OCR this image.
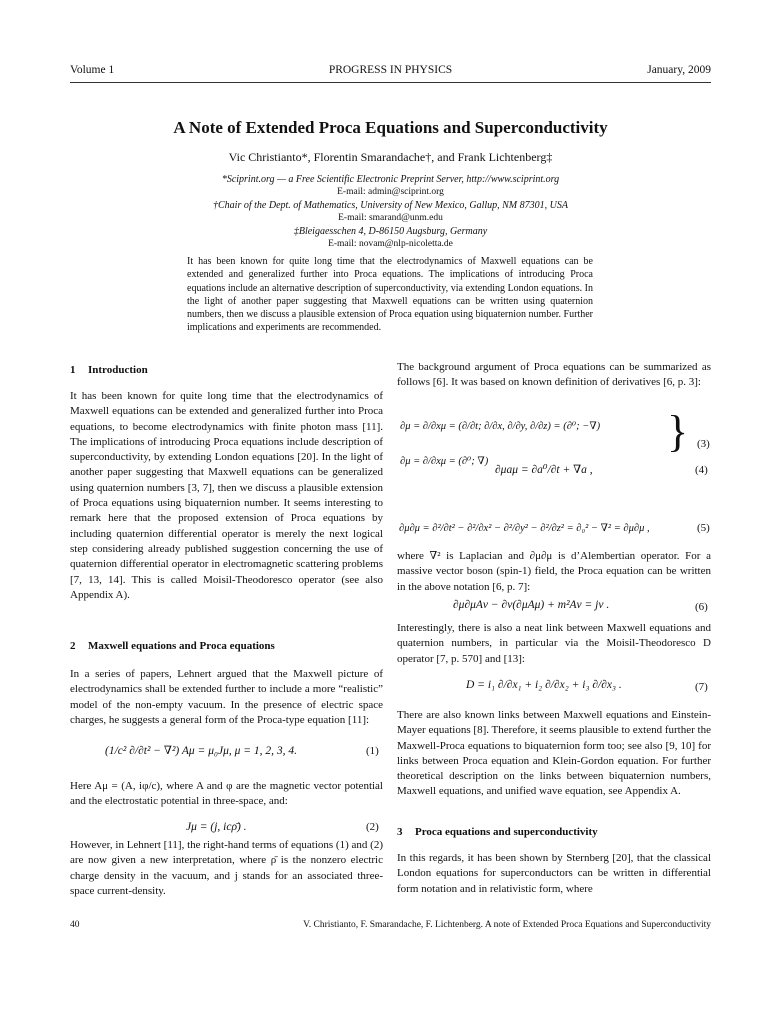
Volume 1	PROGRESS IN PHYSICS	January, 2009
A Note of Extended Proca Equations and Superconductivity
Vic Christianto*, Florentin Smarandache†, and Frank Lichtenberg‡
*Sciprint.org — a Free Scientific Electronic Preprint Server, http://www.sciprint.org
E-mail: admin@sciprint.org
†Chair of the Dept. of Mathematics, University of New Mexico, Gallup, NM 87301, USA
E-mail: smarand@unm.edu
‡Bleigaesschen 4, D-86150 Augsburg, Germany
E-mail: novam@nlp-nicoletta.de
It has been known for quite long time that the electrodynamics of Maxwell equations can be extended and generalized further into Proca equations. The implications of introducing Proca equations include an alternative description of superconductivity, via extending London equations. In the light of another paper suggesting that Maxwell equations can be written using quaternion numbers, then we discuss a plausible extension of Proca equation using biquaternion number. Further implications and experiments are recommended.
1 Introduction
It has been known for quite long time that the electrodynamics of Maxwell equations can be extended and generalized further into Proca equations, to become electrodynamics with finite photon mass [11]. The implications of introducing Proca equations include description of superconductivity, by extending London equations [20]. In the light of another paper suggesting that Maxwell equations can be generalized using quaternion numbers [3, 7], then we discuss a plausible extension of Proca equations using biquaternion number. It seems interesting to remark here that the proposed extension of Proca equations by including quaternion differential operator is merely the next logical step considering already published suggestion concerning the use of quaternion differential operator in electromagnetic scattering problems [7, 13, 14]. This is called Moisil-Theodoresco operator (see also Appendix A).
2 Maxwell equations and Proca equations
In a series of papers, Lehnert argued that the Maxwell picture of electrodynamics shall be extended further to include a more “realistic” model of the non-empty vacuum. In the presence of electric space charges, he suggests a general form of the Proca-type equation [11]:
(1/c² ∂/∂t² − ∇²) Aμ = μ₀Jμ, μ = 1, 2, 3, 4.	(1)
Here Aμ = (A, iφ/c), where A and φ are the magnetic vector potential and the electrostatic potential in three-space, and:
Jμ = (j, icρ̄) .	(2)
However, in Lehnert [11], the right-hand terms of equations (1) and (2) are now given a new interpretation, where ρ̄ is the nonzero electric charge density in the vacuum, and j stands for an associated three-space current-density.
The background argument of Proca equations can be summarized as follows [6]. It was based on known definition of derivatives [6, p. 3]:
∂μ = ∂/∂xμ = (∂/∂t; ∂/∂x, ∂/∂y, ∂/∂z) = (∂⁰; −∇)
∂μ = ∂/∂xμ = (∂⁰; ∇)
} (3)
∂μaμ = ∂a⁰/∂t + ∇a ,	(4)
∂μ∂μ = ∂²/∂t² − ∂²/∂x² − ∂²/∂y² − ∂²/∂z² = ∂₀² − ∇² = ∂μ∂μ ,	(5)
where ∇² is Laplacian and ∂μ∂μ is d’Alembertian operator. For a massive vector boson (spin-1) field, the Proca equation can be written in the above notation [6, p. 7]:
∂μ∂μAν − ∂ν(∂μAμ) + m²Aν = jν .	(6)
Interestingly, there is also a neat link between Maxwell equations and quaternion numbers, in particular via the Moisil-Theodoresco D operator [7, p. 570] and [13]:
D = i₁ ∂/∂x₁ + i₂ ∂/∂x₂ + i₃ ∂/∂x₃ .	(7)
There are also known links between Maxwell equations and Einstein-Mayer equations [8]. Therefore, it seems plausible to extend further the Maxwell-Proca equations to biquaternion form too; see also [9, 10] for links between Proca equation and Klein-Gordon equation. For further theoretical description on the links between biquaternion numbers, Maxwell equations, and unified wave equation, see Appendix A.
3 Proca equations and superconductivity
In this regards, it has been shown by Sternberg [20], that the classical London equations for superconductors can be written in differential form notation and in relativistic form, where
40	V. Christianto, F. Smarandache, F. Lichtenberg. A note of Extended Proca Equations and Superconductivity
